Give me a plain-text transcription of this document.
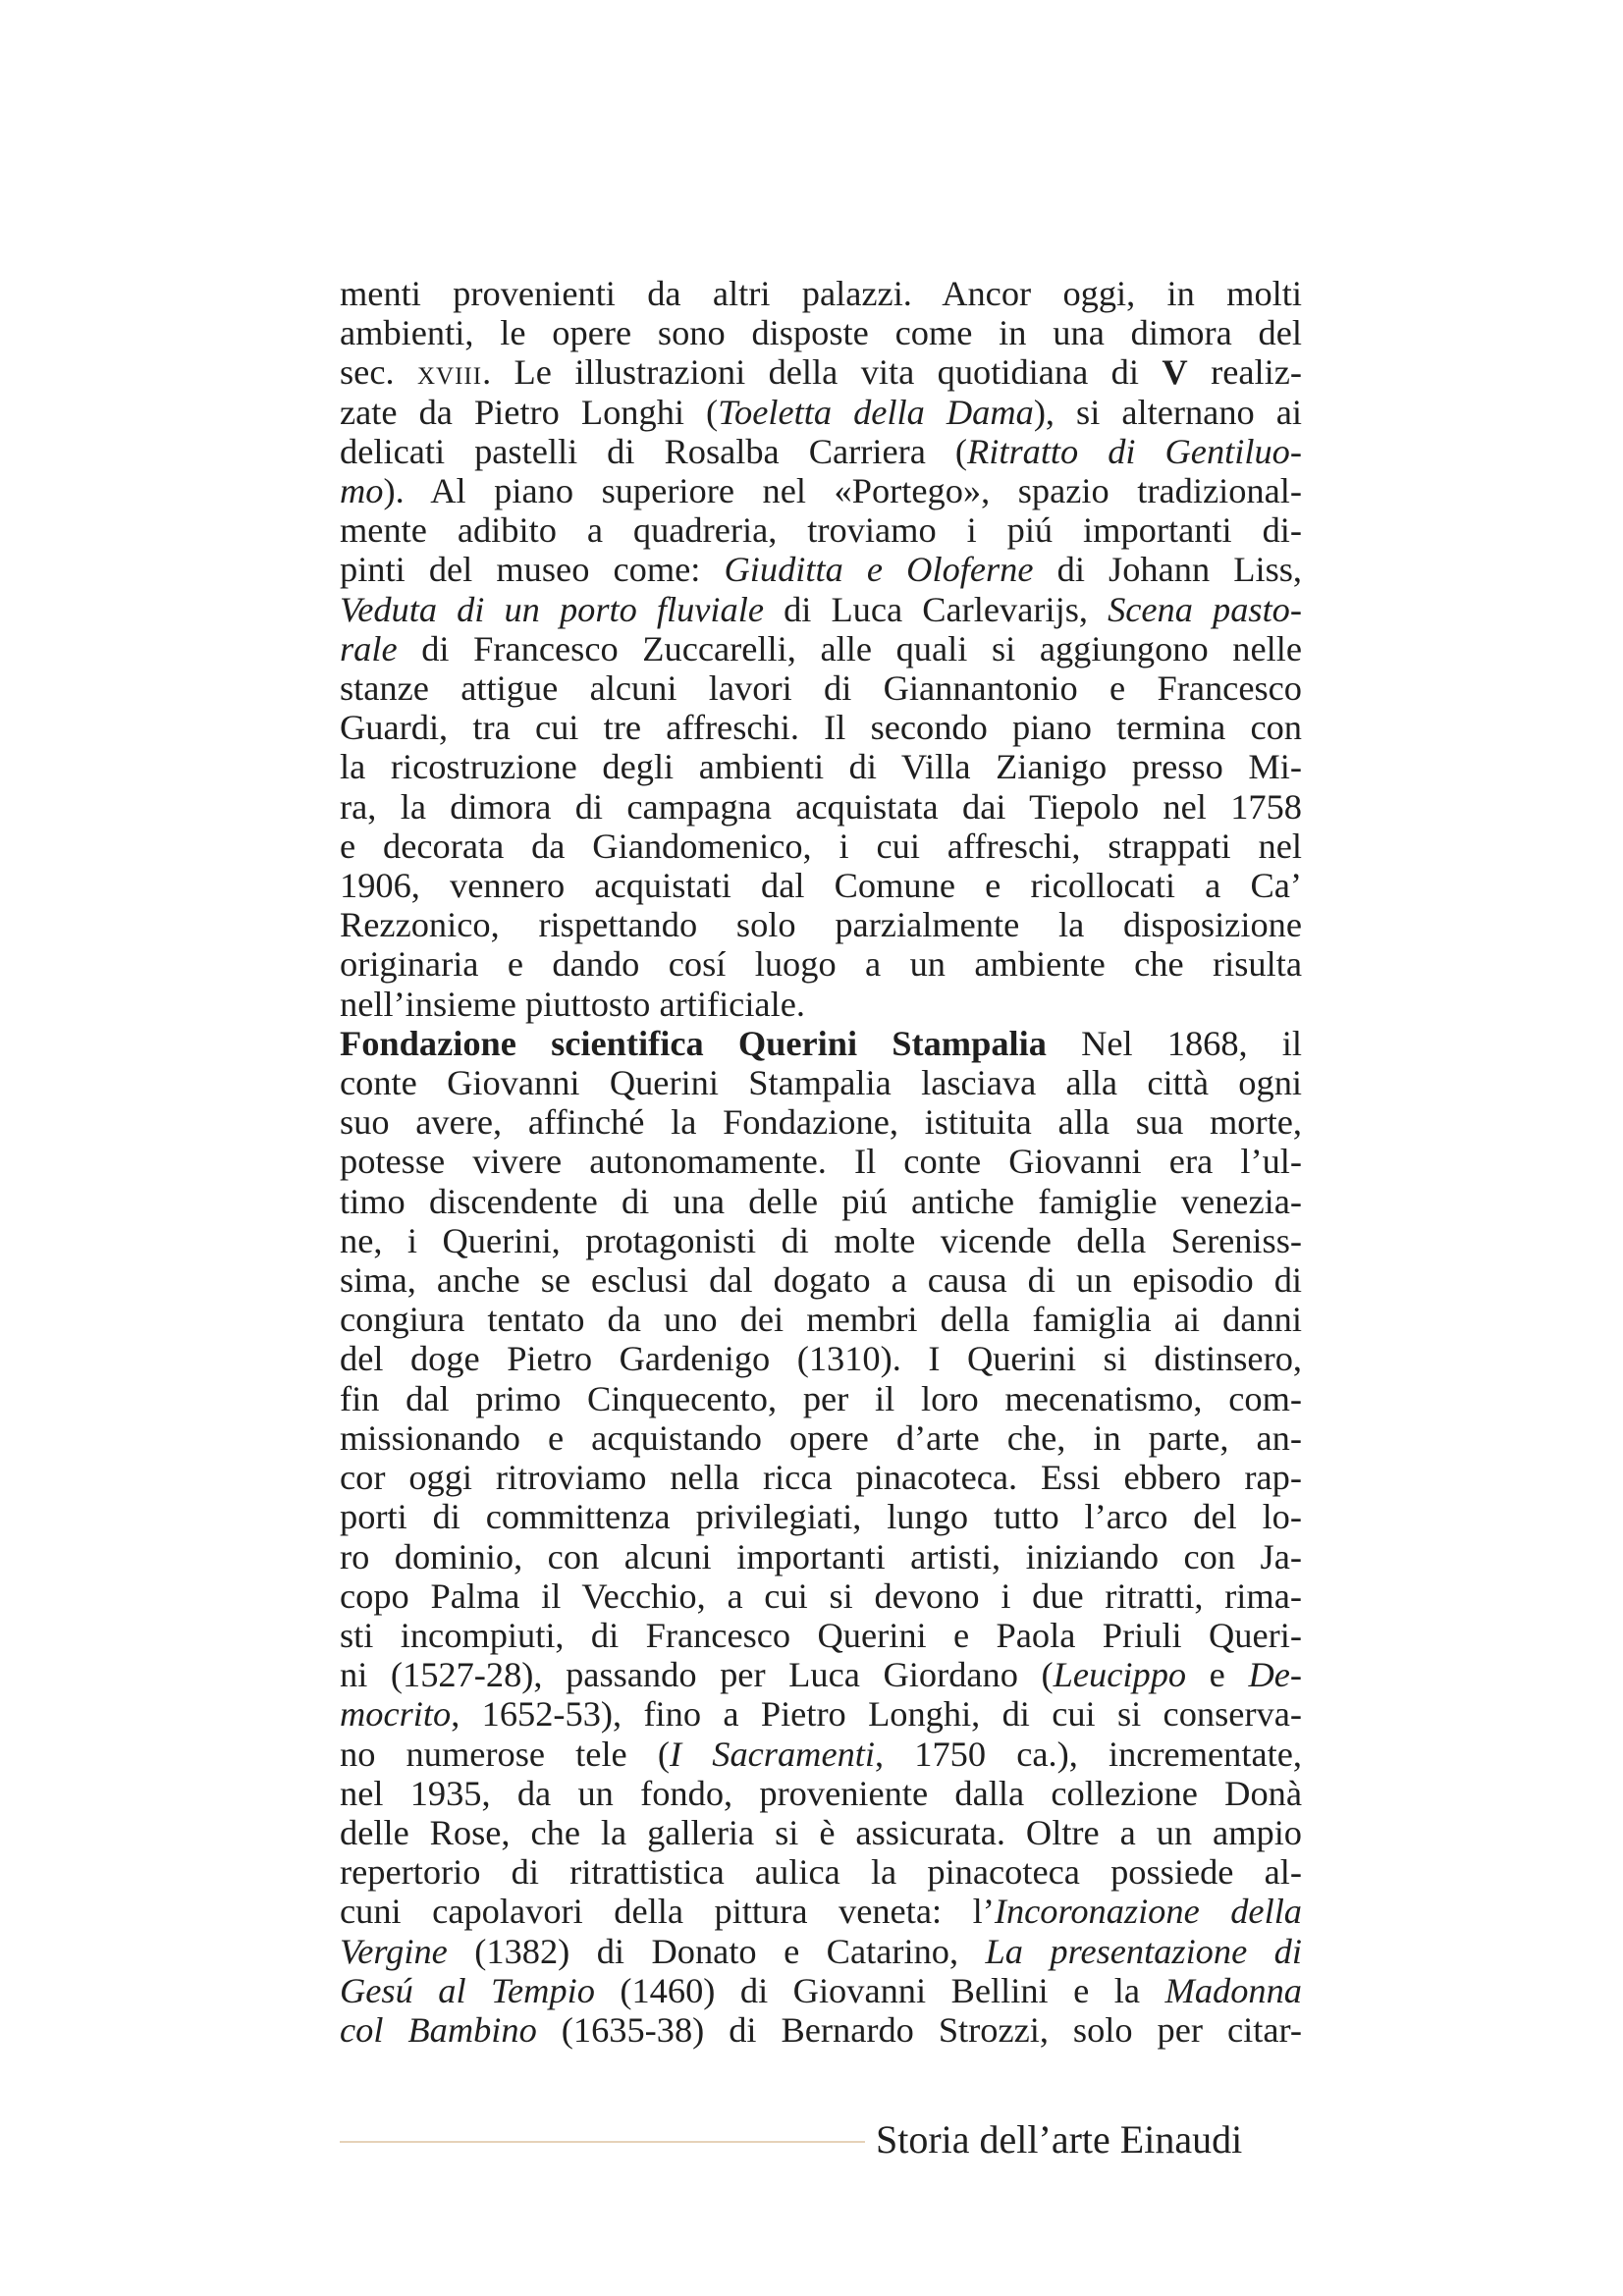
menti provenienti da altri palazzi. Ancor oggi, in molti
ambienti, le opere sono disposte come in una dimora del
sec. xviii. Le illustrazioni della vita quotidiana di V realiz-
zate da Pietro Longhi (Toeletta della Dama), si alternano ai
delicati pastelli di Rosalba Carriera (Ritratto di Gentiluo-
mo). Al piano superiore nel «Portego», spazio tradizional-
mente adibito a quadreria, troviamo i piú importanti di-
pinti del museo come: Giuditta e Oloferne di Johann Liss,
Veduta di un porto fluviale di Luca Carlevarijs, Scena pasto-
rale di Francesco Zuccarelli, alle quali si aggiungono nelle
stanze attigue alcuni lavori di Giannantonio e Francesco
Guardi, tra cui tre affreschi. Il secondo piano termina con
la ricostruzione degli ambienti di Villa Zianigo presso Mi-
ra, la dimora di campagna acquistata dai Tiepolo nel 1758
e decorata da Giandomenico, i cui affreschi, strappati nel
1906, vennero acquistati dal Comune e ricollocati a Ca’
Rezzonico, rispettando solo parzialmente la disposizione
originaria e dando cosí luogo a un ambiente che risulta
nell’insieme piuttosto artificiale.
Fondazione scientifica Querini Stampalia Nel 1868, il
conte Giovanni Querini Stampalia lasciava alla città ogni
suo avere, affinché la Fondazione, istituita alla sua morte,
potesse vivere autonomamente. Il conte Giovanni era l’ul-
timo discendente di una delle piú antiche famiglie venezia-
ne, i Querini, protagonisti di molte vicende della Sereniss-
sima, anche se esclusi dal dogato a causa di un episodio di
congiura tentato da uno dei membri della famiglia ai danni
del doge Pietro Gardenigo (1310). I Querini si distinsero,
fin dal primo Cinquecento, per il loro mecenatismo, com-
missionando e acquistando opere d’arte che, in parte, an-
cor oggi ritroviamo nella ricca pinacoteca. Essi ebbero rap-
porti di committenza privilegiati, lungo tutto l’arco del lo-
ro dominio, con alcuni importanti artisti, iniziando con Ja-
copo Palma il Vecchio, a cui si devono i due ritratti, rima-
sti incompiuti, di Francesco Querini e Paola Priuli Queri-
ni (1527-28), passando per Luca Giordano (Leucippo e De-
mocrito, 1652-53), fino a Pietro Longhi, di cui si conserva-
no numerose tele (I Sacramenti, 1750 ca.), incrementate,
nel 1935, da un fondo, proveniente dalla collezione Donà
delle Rose, che la galleria si è assicurata. Oltre a un ampio
repertorio di ritrattistica aulica la pinacoteca possiede al-
cuni capolavori della pittura veneta: l’Incoronazione della
Vergine (1382) di Donato e Catarino, La presentazione di
Gesú al Tempio (1460) di Giovanni Bellini e la Madonna
col Bambino (1635-38) di Bernardo Strozzi, solo per citar-
Storia dell’arte Einaudi
